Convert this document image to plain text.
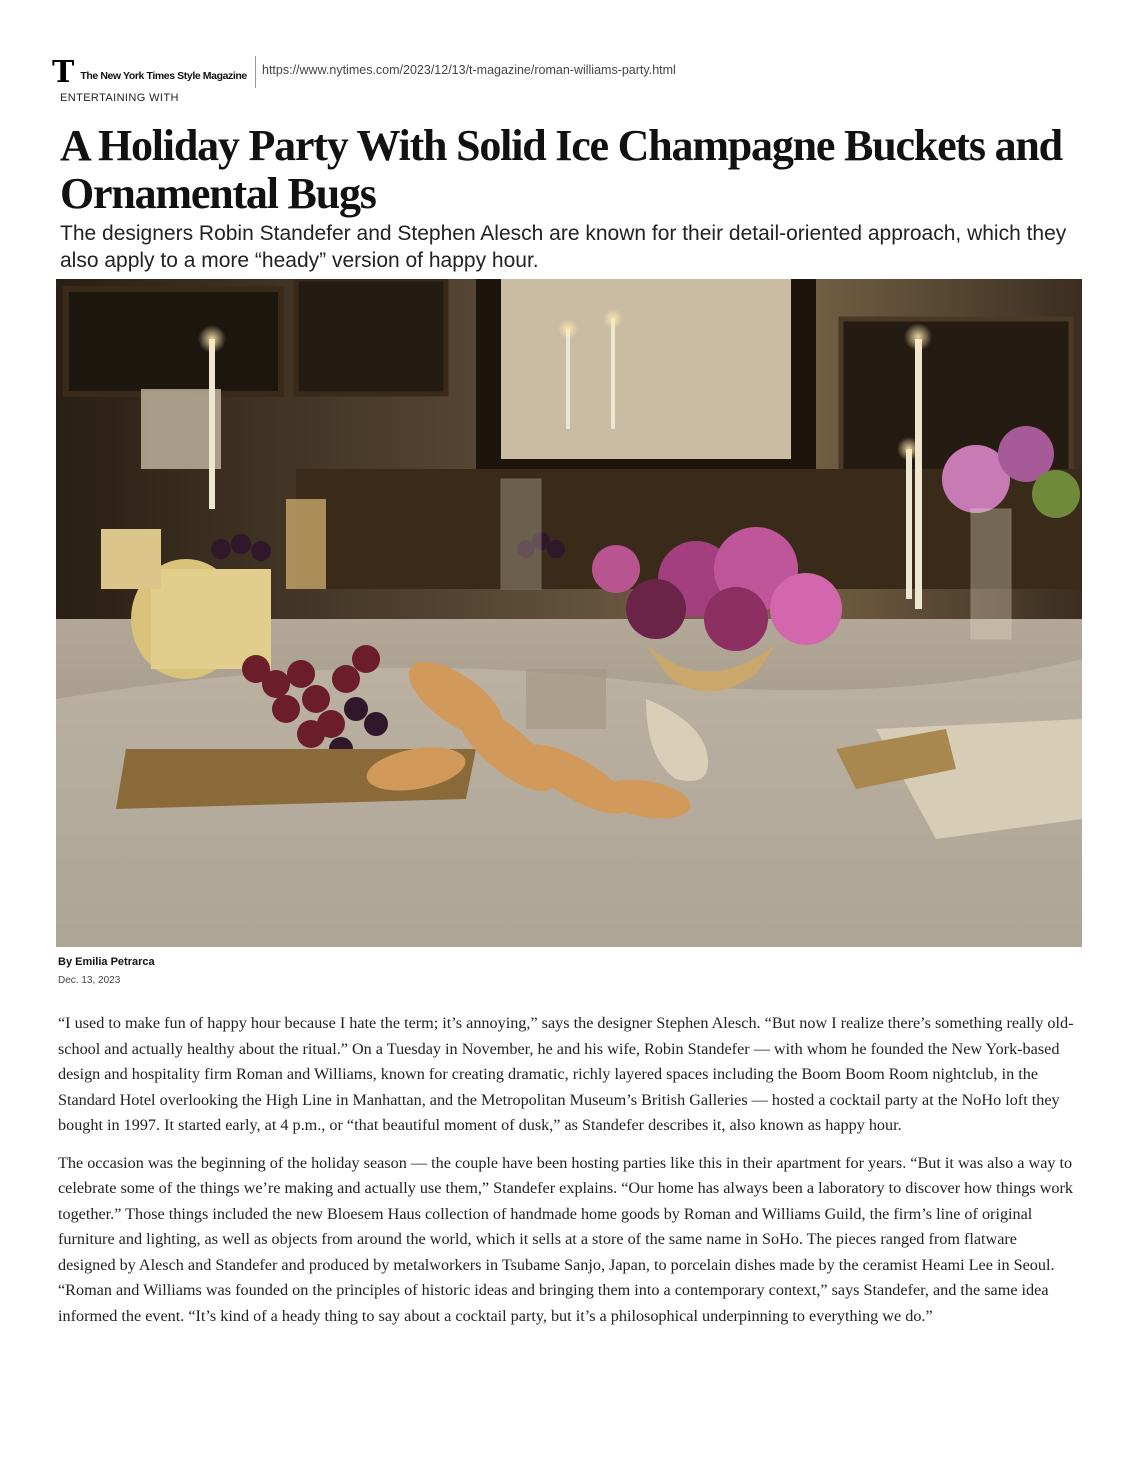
T The New York Times Style Magazine https://www.nytimes.com/2023/12/13/t-magazine/roman-williams-party.html
ENTERTAINING WITH
A Holiday Party With Solid Ice Champagne Buckets and Ornamental Bugs

The designers Robin Standefer and Stephen Alesch are known for their detail-oriented approach, which they also apply to a more “heady” version of happy hour.

By Emilia Petrarca
Dec. 13, 2023

“I used to make fun of happy hour because I hate the term; it’s annoying,” says the designer Stephen Alesch. “But now I realize there’s something really old-school and actually healthy about the ritual.” On a Tuesday in November, he and his wife, Robin Standefer — with whom he founded the New York-based design and hospitality firm Roman and Williams, known for creating dramatic, richly layered spaces including the Boom Boom Room nightclub, in the Standard Hotel overlooking the High Line in Manhattan, and the Metropolitan Museum’s British Galleries — hosted a cocktail party at the NoHo loft they bought in 1997. It started early, at 4 p.m., or “that beautiful moment of dusk,” as Standefer describes it, also known as happy hour.

The occasion was the beginning of the holiday season — the couple have been hosting parties like this in their apartment for years. “But it was also a way to celebrate some of the things we’re making and actually use them,” Standefer explains. “Our home has always been a laboratory to discover how things work together.” Those things included the new Bloesem Haus collection of handmade home goods by Roman and Williams Guild, the firm’s line of original furniture and lighting, as well as objects from around the world, which it sells at a store of the same name in SoHo. The pieces ranged from flatware designed by Alesch and Standefer and produced by metalworkers in Tsubame Sanjo, Japan, to porcelain dishes made by the ceramist Heami Lee in Seoul. “Roman and Williams was founded on the principles of historic ideas and bringing them into a contemporary context,” says Standefer, and the same idea informed the event. “It’s kind of a heady thing to say about a cocktail party, but it’s a philosophical underpinning to everything we do.”
